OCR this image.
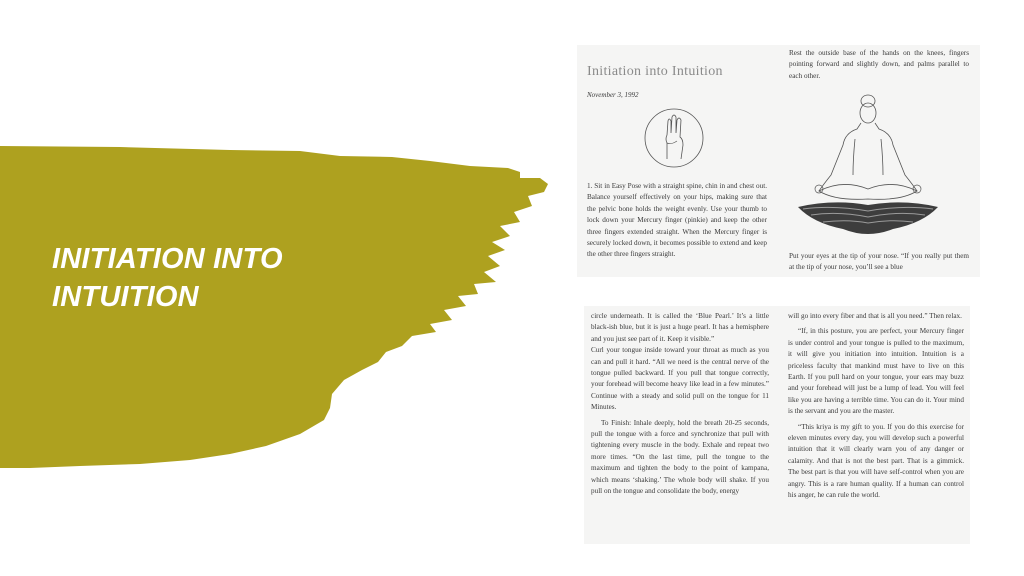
INITIATION INTO INTUITION
Initiation into Intuition
November 3, 1992

1. Sit in Easy Pose with a straight spine, chin in and chest out. Balance yourself effectively on your hips, making sure that the pelvic bone holds the weight evenly. Use your thumb to lock down your Mercury finger (pinkie) and keep the other three fingers extended straight. When the Mercury finger is securely locked down, it becomes possible to extend and keep the other three fingers straight.

Rest the outside base of the hands on the knees, fingers pointing forward and slightly down, and palms parallel to each other.

Put your eyes at the tip of your nose. “If you really put them at the tip of your nose, you’ll see a blue

circle underneath. It is called the ‘Blue Pearl.’ It’s a little black-ish blue, but it is just a huge pearl. It has a hemisphere and you just see part of it. Keep it visible.”

Curl your tongue inside toward your throat as much as you can and pull it hard. “All we need is the central nerve of the tongue pulled backward. If you pull that tongue correctly, your forehead will become heavy like lead in a few minutes.” Continue with a steady and solid pull on the tongue for 11 Minutes.

To Finish: Inhale deeply, hold the breath 20-25 seconds, pull the tongue with a force and synchronize that pull with tightening every muscle in the body. Exhale and repeat two more times. “On the last time, pull the tongue to the maximum and tighten the body to the point of kampana, which means ‘shaking.’ The whole body will shake. If you pull on the tongue and consolidate the body, energy

will go into every fiber and that is all you need.” Then relax.

“If, in this posture, you are perfect, your Mercury finger is under control and your tongue is pulled to the maximum, it will give you initiation into intuition. Intuition is a priceless faculty that mankind must have to live on this Earth. If you pull hard on your tongue, your ears may buzz and your forehead will just be a lump of lead. You will feel like you are having a terrible time. You can do it. Your mind is the servant and you are the master.

“This kriya is my gift to you. If you do this exercise for eleven minutes every day, you will develop such a powerful intuition that it will clearly warn you of any danger or calamity. And that is not the best part. That is a gimmick. The best part is that you will have self-control when you are angry. This is a rare human quality. If a human can control his anger, he can rule the world.
